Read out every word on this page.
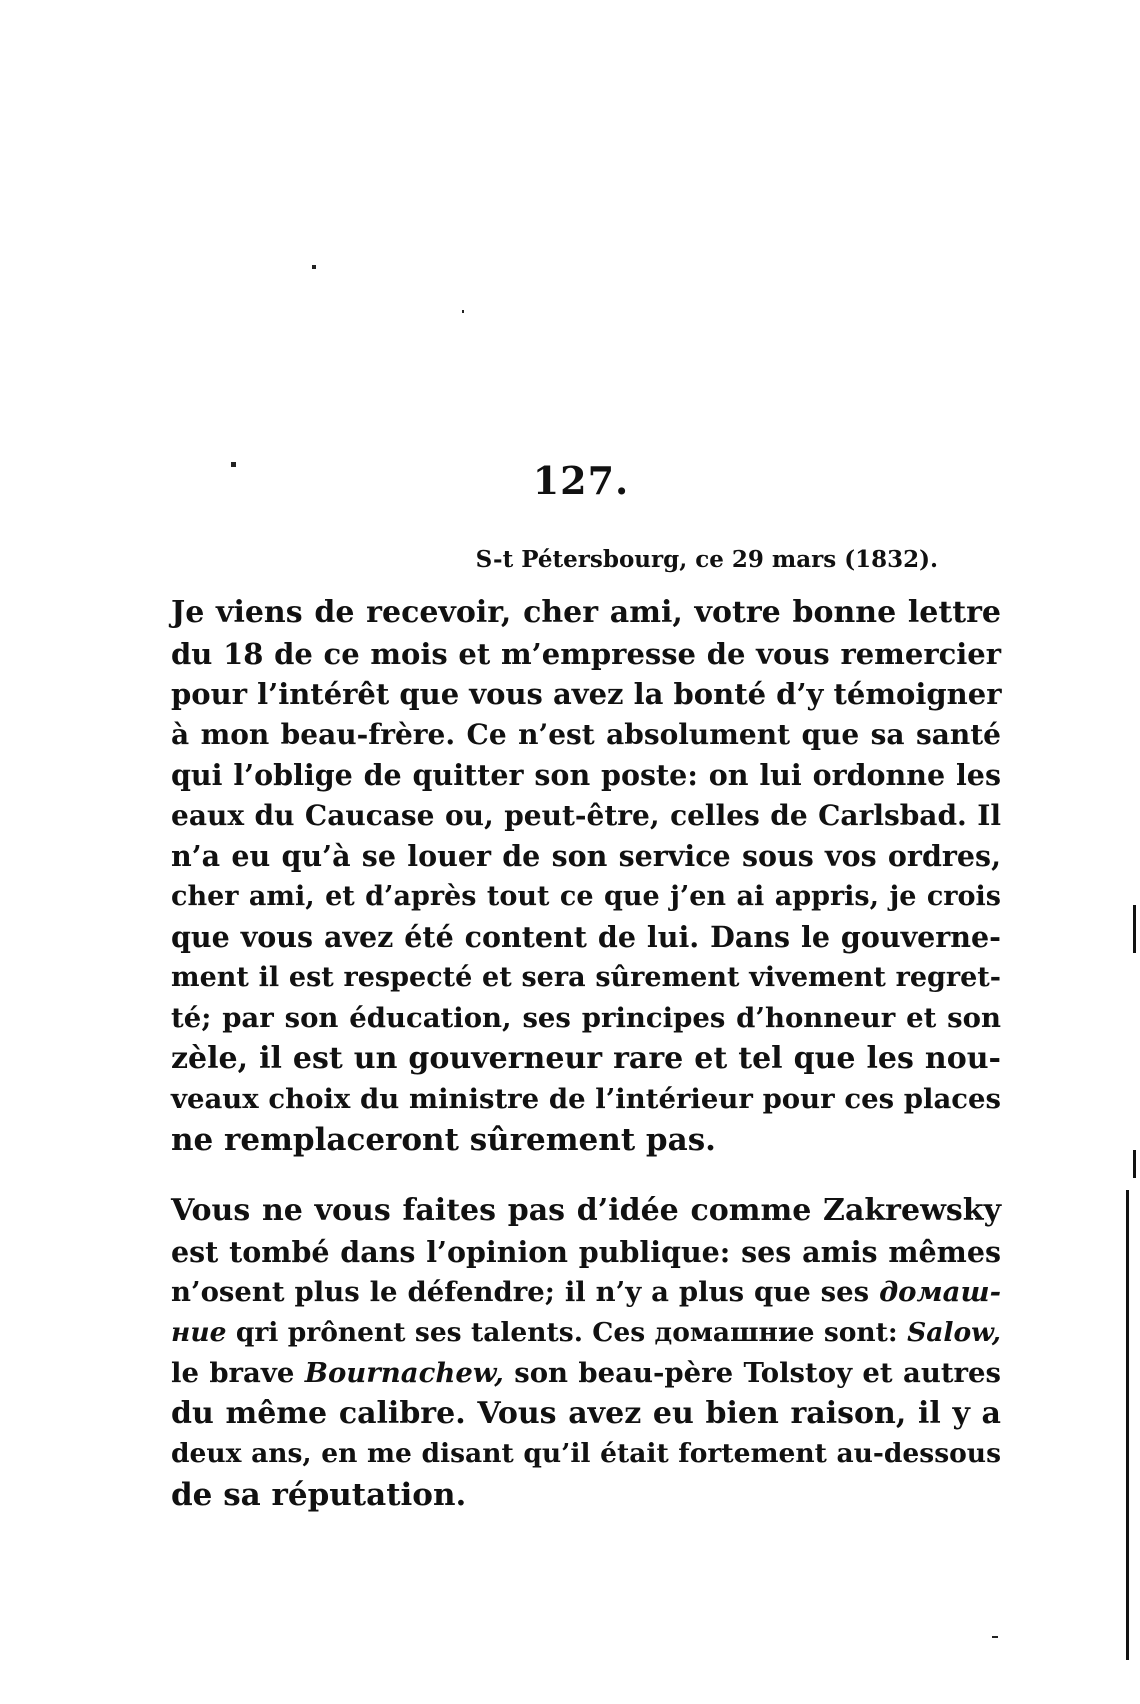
127.
S-t Pétersbourg, ce 29 mars (1832).
Je viens de recevoir, cher ami, votre bonne lettre
du 18 de ce mois et m’empresse de vous remercier
pour l’intérêt que vous avez la bonté d’y témoigner
à mon beau-frère. Ce n’est absolument que sa santé
qui l’oblige de quitter son poste: on lui ordonne les
eaux du Caucase ou, peut-être, celles de Carlsbad. Il
n’a eu qu’à se louer de son service sous vos ordres,
cher ami, et d’après tout ce que j’en ai appris, je crois
que vous avez été content de lui. Dans le gouverne-
ment il est respecté et sera sûrement vivement regret-
té; par son éducation, ses principes d’honneur et son
zèle, il est un gouverneur rare et tel que les nou-
veaux choix du ministre de l’intérieur pour ces places
ne remplaceront sûrement pas.
Vous ne vous faites pas d’idée comme Zakrewsky
est tombé dans l’opinion publique: ses amis mêmes
n’osent plus le défendre; il n’y a plus que ses домаш-
ние qri prônent ses talents. Ces домашние sont: Salow,
le brave Bournachew, son beau-père Tolstoy et autres
du même calibre. Vous avez eu bien raison, il y a
deux ans, en me disant qu’il était fortement au-dessous
de sa réputation.
